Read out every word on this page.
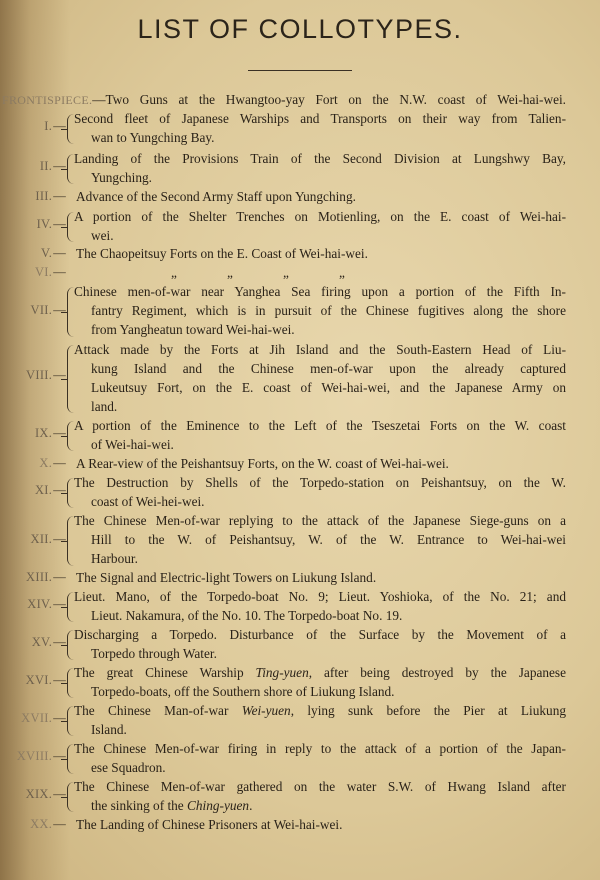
LIST OF COLLOTYPES.
FRONTISPIECE.—Two Guns at the Hwangtoo-yay Fort on the N.W. coast of Wei-hai-wei.
I.— Second fleet of Japanese Warships and Transports on their way from Talien-
wan to Yungching Bay.
II.— Landing of the Provisions Train of the Second Division at Lungshwy Bay,
Yungching.
III.— Advance of the Second Army Staff upon Yungching.
IV.— A portion of the Shelter Trenches on Motienling, on the E. coast of Wei-hai-
wei.
V.— The Chaopeitsuy Forts on the E. Coast of Wei-hai-wei.
VI.—	„	„	„	„
VII.—
Chinese men-of-war near Yanghea Sea firing upon a portion of the Fifth In-
fantry Regiment, which is in pursuit of the Chinese fugitives along the shore
from Yangheatun toward Wei-hai-wei.
VIII.—
Attack made by the Forts at Jih Island and the South-Eastern Head of Liu-
kung Island and the Chinese men-of-war upon the already captured
Lukeutsuy Fort, on the E. coast of Wei-hai-wei, and the Japanese Army on
land.
IX.— A portion of the Eminence to the Left of the Tseszetai Forts on the W. coast
of Wei-hai-wei.
X.— A Rear-view of the Peishantsuy Forts, on the W. coast of Wei-hai-wei.
XI.— The Destruction by Shells of the Torpedo-station on Peishantsuy, on the W.
coast of Wei-hei-wei.
XII.—
The Chinese Men-of-war replying to the attack of the Japanese Siege-guns on a
Hill to the W. of Peishantsuy, W. of the W. Entrance to Wei-hai-wei
Harbour.
XIII.— The Signal and Electric-light Towers on Liukung Island.
XIV.— Lieut. Mano, of the Torpedo-boat No. 9; Lieut. Yoshioka, of the No. 21; and
Lieut. Nakamura, of the No. 10. The Torpedo-boat No. 19.
XV.— Discharging a Torpedo. Disturbance of the Surface by the Movement of a
Torpedo through Water.
XVI.— The great Chinese Warship Ting-yuen, after being destroyed by the Japanese
Torpedo-boats, off the Southern shore of Liukung Island.
XVII.— The Chinese Man-of-war Wei-yuen, lying sunk before the Pier at Liukung
Island.
XVIII.— The Chinese Men-of-war firing in reply to the attack of a portion of the Japan-
ese Squadron.
XIX.— The Chinese Men-of-war gathered on the water S.W. of Hwang Island after
the sinking of the Ching-yuen.
XX.— The Landing of Chinese Prisoners at Wei-hai-wei.
